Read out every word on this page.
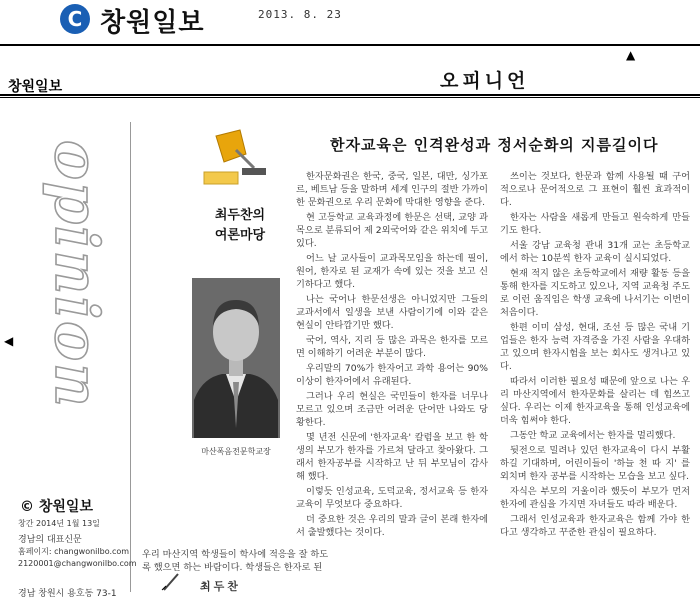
C 창원일보	2013. 8. 23
▲
창원일보	오피니언
opinion
◀
© 창원일보
창간 2014년 1월 13일
경남의 대표신문
홈페이지: changwonilbo.com
2120001@changwonilbo.com
경남 창원시 용호동 73-1
최두찬의
여론마당
마산폭음전문학교장
한자교육은 인격완성과 정서순화의 지름길이다

한자문화권은 한국, 중국, 일본, 대만, 싱가포르, 베트남 등을 말하며 세계 인구의 절반 가까이 한 문화권으로 우리 문화에 막대한 영향을 준다.

현 고등학교 교육과정에 한문은 선택, 교양 과목으로 분류되어 제 2외국어와 같은 위치에 두고 있다.

어느 날 교사들이 교과목모임을 하는데 필이, 원어, 한자로 된 교재가 속에 있는 것을 보고 신기하다고 했다.

나는 국어나 한문선생은 아니었지만 그들의 교과서에서 일생을 보낸 사람이기에 이와 같은 현실이 안타깝기만 했다.

국어, 역사, 지리 등 많은 과목은 한자를 모르면 이해하기 어려운 부분이 많다.

우리말의 70%가 한자어고 과학 용어는 90% 이상이 한자어에서 유래된다.

그러나 우리 현실은 국민들이 한자를 너무나 모르고 있으며 조금만 어려운 단어만 나와도 당황한다.

몇 년전 신문에 '한자교육' 칼럼을 보고 한 학생의 부모가 한자를 가르쳐 달라고 찾아왔다. 그래서 한자공부를 시작하고 난 뒤 부모님이 감사해 했다.

이렇듯 인성교육, 도덕교육, 정서교육 등 한자교육이 무엇보다 중요하다.

더 중요한 것은 우리의 말과 글이 본래 한자에서 출발했다는 것이다.

쓰이는 것보다, 한문과 함께 사용될 때 구어적으로나 문어적으로 그 표현이 훨씬 효과적이다.

한자는 사람을 새롭게 만들고 원숙하게 만들기도 한다.

서울 강남 교육청 관내 31개 교는 초등학교에서 하는 10분씩 한자 교육이 실시되었다.

현재 적지 않은 초등학교에서 재량 활동 등을 통해 한자를 지도하고 있으나, 지역 교육청 주도로 이런 움직임은 학생 교육에 나서기는 이번이 처음이다.

한편 이미 삼성, 현대, 조선 등 많은 국내 기업들은 한자 능력 자격증을 가진 사람을 우대하고 있으며 한자시험을 보는 회사도 생겨나고 있다.

따라서 이러한 필요성 때문에 앞으로 나는 우리 마산지역에서 한자문화를 살리는 데 힘쓰고 싶다. 우리는 이제 한자교육을 통해 인성교육에 더욱 힘써야 한다.

그동안 학교 교육에서는 한자를 멀리했다.

뒷전으로 밀려나 있던 한자교육이 다시 부활하길 기대하며, 어린이들이 '하늘 천 따 지' 를 외치며 한자 공부를 시작하는 모습을 보고 싶다.

자식은 부모의 거울이라 했듯이 부모가 먼저 한자에 관심을 가지면 자녀들도 따라 배운다.

그래서 인성교육과 한자교육은 함께 가야 한다고 생각하고 꾸준한 관심이 필요하다.

우리 마산지역 학생들이 학사에 적응을 잘 하도록 했으면 하는 바람이다. 학생들은 한자로 된
최두찬
